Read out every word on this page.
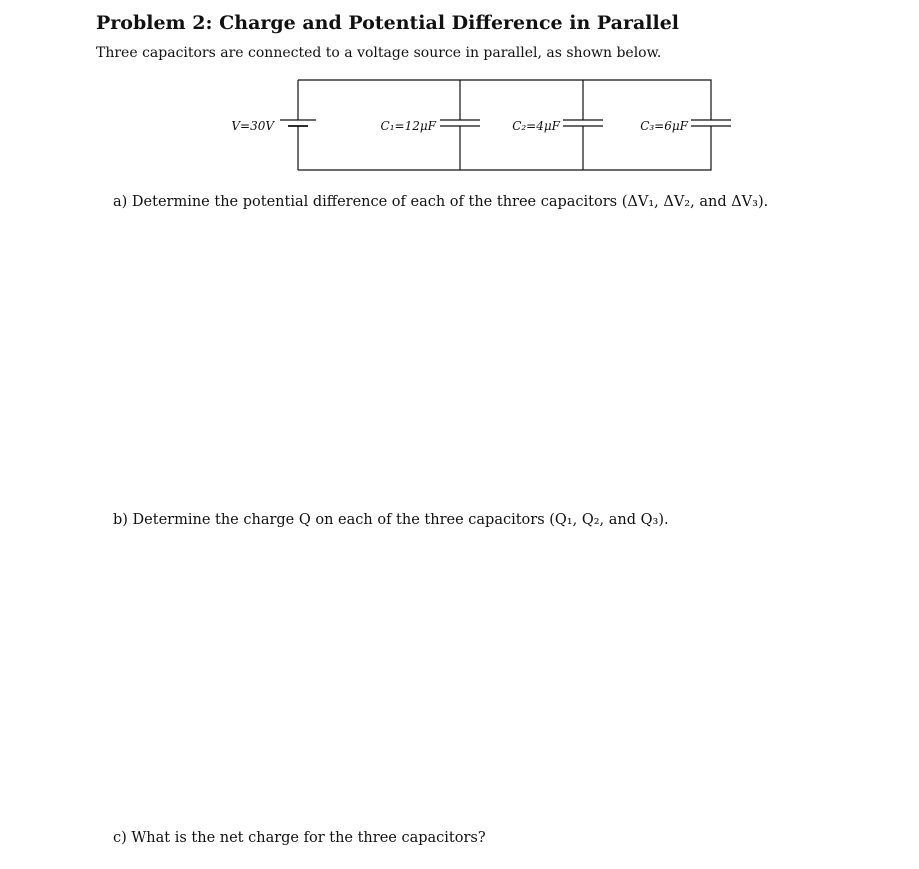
Problem 2: Charge and Potential Difference in Parallel
Three capacitors are connected to a voltage source in parallel, as shown below.
V=30V	C₁=12μF	C₂=4μF	C₃=6μF
a) Determine the potential difference of each of the three capacitors (ΔV₁, ΔV₂, and ΔV₃).
b) Determine the charge Q on each of the three capacitors (Q₁, Q₂, and Q₃).
c) What is the net charge for the three capacitors?
